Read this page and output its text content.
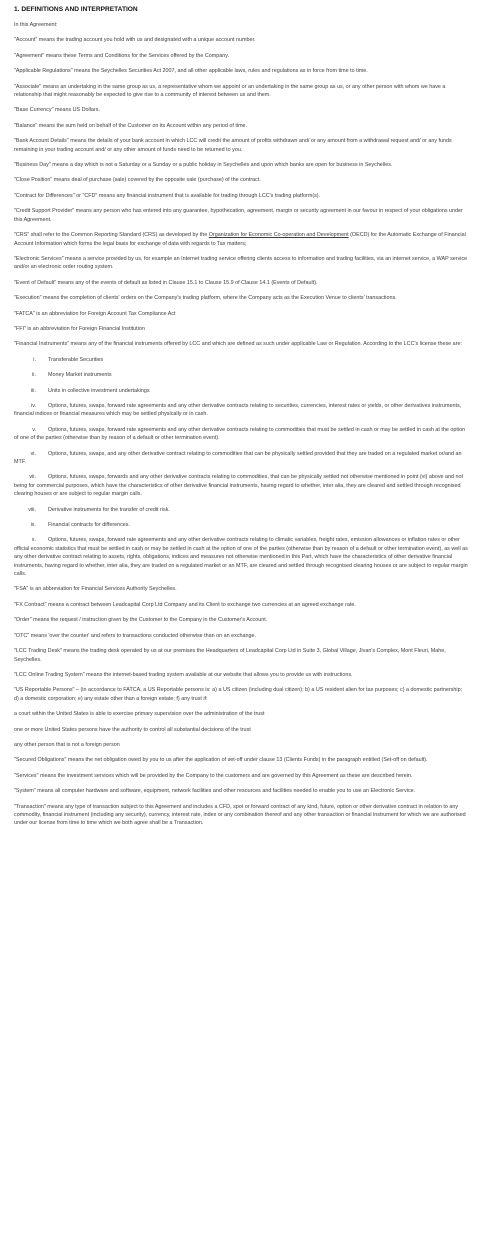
1. DEFINITIONS AND INTERPRETATION

In this Agreement:

"Account" means the trading account you hold with us and designated with a unique account number.

"Agreement" means these Terms and Conditions for the Services offered by the Company.

"Applicable Regulations" means the Seychelles Securities Act 2007, and all other applicable laws, rules and regulations as in force from time to time.

"Associate" means an undertaking in the same group as us, a representative whom we appoint or an undertaking in the same group as us, or any other person with whom we have a relationship that might reasonably be expected to give rise to a community of interest between us and them.

"Base Currency" means US Dollars.

"Balance" means the sum held on behalf of the Customer on its Account within any period of time.

"Bank Account Details" means the details of your bank account in which LCC will credit the amount of profits withdrawn and/ or any amount from a withdrawal request and/ or any funds remaining in your trading account and/ or any other amount of funds need to be returned to you.

"Business Day" means a day which is not a Saturday or a Sunday or a public holiday in Seychelles and upon which banks are open for business in Seychelles.

"Close Position" means deal of purchase (sale) covered by the opposite sale (purchase) of the contract.

"Contract for Differences" or "CFD" means any financial instrument that is available for trading through LCC's trading platform(s).

"Credit Support Provider" means any person who has entered into any guarantee, hypothecation, agreement, margin or security agreement in our favour in respect of your obligations under this Agreement.

"CRS" shall refer to the Common Reporting Standard (CRS) as developed by the Organization for Economic Co-operation and Development (OECD) for the Automatic Exchange of Financial Account Information which forms the legal basis for exchange of data with regards to Tax matters;

"Electronic Services" means a service provided by us, for example an Internet trading service offering clients access to information and trading facilities, via an internet service, a WAP service and/or an electronic order routing system.

"Event of Default" means any of the events of default as listed in Clause 15.1 to Clause 15.9 of Clause 14.1 (Events of Default).

"Execution" means the completion of clients' orders on the Company's trading platform, where the Company acts as the Execution Venue to clients' transactions.

"FATCA" is an abbreviation for Foreign Account Tax Compliance Act

"FFI" is an abbreviation for Foreign Financial Institution

"Financial Instruments" means any of the financial instruments offered by LCC and which are defined as such under applicable Law or Regulation. According to the LCC's license these are:

i.	Transferable Securities
ii.	Money Market instruments
iii.	Units in collective investment undertakings
iv. Options, futures, swaps, forward rate agreements and any other derivative contracts relating to securities, currencies, interest rates or yields, or other derivatives instruments, financial indices or financial measures which may be settled physically or in cash.
v. Options, futures, swaps, forward rate agreements and any other derivative contracts relating to commodities that must be settled in cash or may be settled in cash at the option of one of the parties (otherwise than by reason of a default or other termination event).
vi. Options, futures, swaps, and any other derivative contract relating to commodities that can be physically settled provided that they are traded on a regulated market or/and an MTF.
vii. Options, futures, swaps, forwards and any other derivative contracts relating to commodities, that can be physically settled not otherwise mentioned in point (vi) above and not being for commercial purposes, which have the characteristics of other derivative financial instruments, having regard to whether, inter alia, they are cleared and settled through recognised clearing houses or are subject to regular margin calls.
viii.	Derivative instruments for the transfer of credit risk.
ix.	Financial contracts for differences.
x. Options, futures, swaps, forward rate agreements and any other derivative contracts relating to climatic variables, freight rates, emission allowances or inflation rates or other official economic statistics that must be settled in cash or may be settled in cash at the option of one of the parties (otherwise than by reason of a default or other termination event), as well as any other derivative contract relating to assets, rights, obligations, indices and measures not otherwise mentioned in this Part, which have the characteristics of other derivative financial instruments, having regard to whether, inter alia, they are traded on a regulated market or an MTF, are cleared and settled through recognised clearing houses or are subject to regular margin calls.

"FSA" is an abbreviation for Financial Services Authority Seychelles.

"FX Contract" means a contract between Leadcapital Corp Ltd Company and its Client to exchange two currencies at an agreed exchange rate.

"Order" means the request / instruction given by the Customer to the Company in the Customer's Account.

"OTC" means 'over the counter' and refers to transactions conducted otherwise than on an exchange.

"LCC Trading Desk" means the trading desk operated by us at our premises the Headquarters of Leadcapital Corp Ltd in Suite 3, Global Village, Jivan's Complex, Mont Fleuri, Mahe, Seychelles.

"LCC Online Trading System" means the internet-based trading system available at our website that allows you to provide us with instructions.

"US Reportable Persons" – (in accordance to FATCA, a US Reportable persons is: a) a US citizen (including dual citizen); b) a US resident alien for tax purposes; c) a domestic partnership; d) a domestic corporation; e) any estate other than a foreign estate; f) any trust if:

a court within the United States is able to exercise primary supervision over the administration of the trust

one or more United States persons have the authority to control all substantial decisions of the trust

any other person that is not a foreign person

"Secured Obligations" means the net obligation owed by you to us after the application of set-off under clause 13 (Clients Funds) in the paragraph entitled (Set-off on default).

"Services" means the investment services which will be provided by the Company to the customers and are governed by this Agreement as these are described herein.

"System" means all computer hardware and software, equipment, network facilities and other resources and facilities needed to enable you to use an Electronic Service.

"Transaction" means any type of transaction subject to this Agreement and includes a CFD, spot or forward contract of any kind, future, option or other derivative contract in relation to any commodity, financial instrument (including any security), currency, interest rate, index or any combination thereof and any other transaction or financial instrument for which we are authorised under our license from time to time which we both agree shall be a Transaction.
